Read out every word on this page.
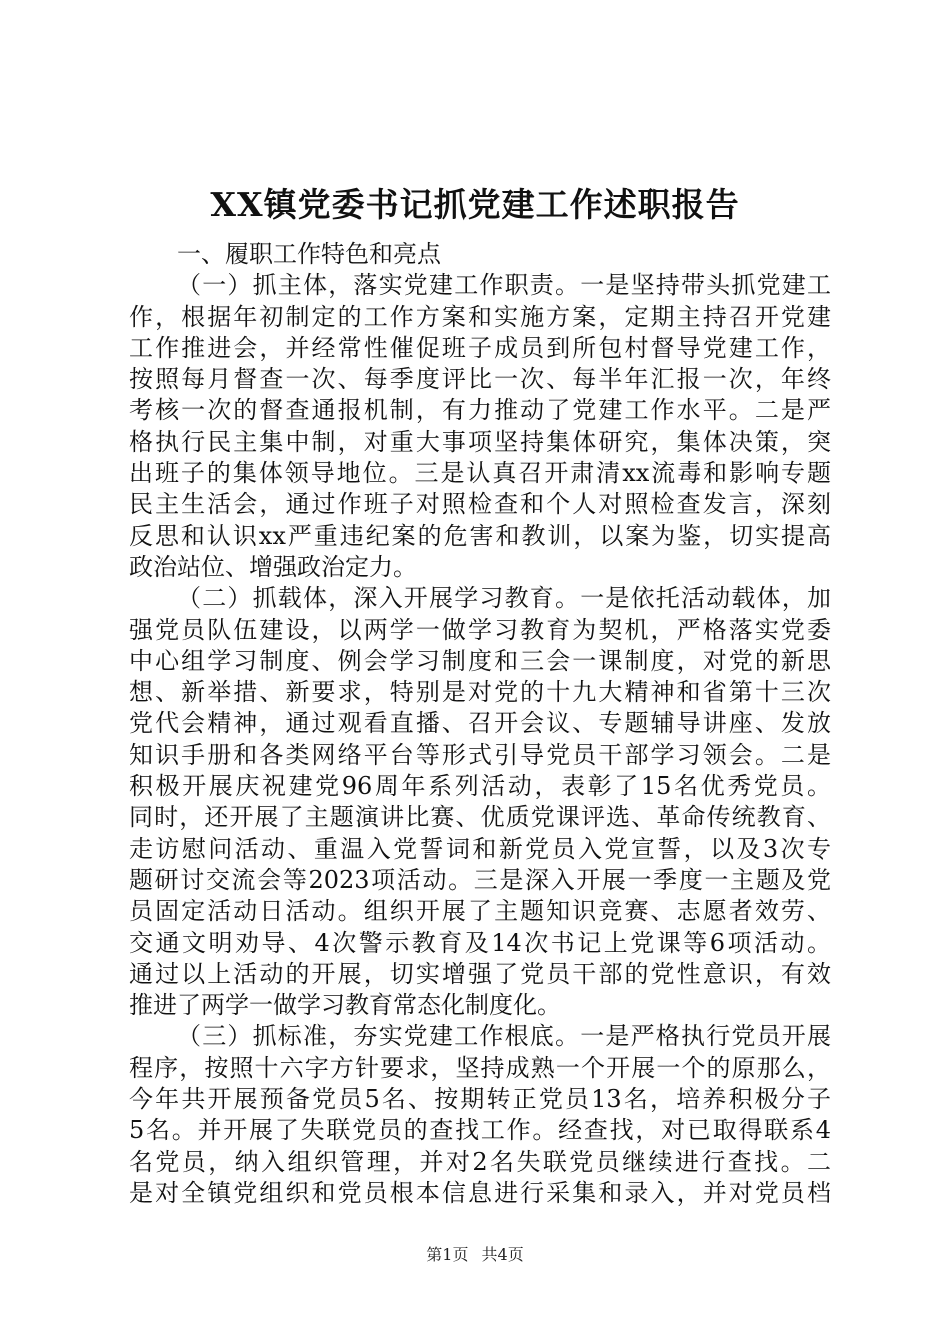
XX镇党委书记抓党建工作述职报告
一、履职工作特色和亮点
（一）抓主体，落实党建工作职责。一是坚持带头抓党建工
作，根据年初制定的工作方案和实施方案，定期主持召开党建
工作推进会，并经常性催促班子成员到所包村督导党建工作，
按照每月督查一次、每季度评比一次、每半年汇报一次，年终
考核一次的督查通报机制，有力推动了党建工作水平。二是严
格执行民主集中制，对重大事项坚持集体研究，集体决策，突
出班子的集体领导地位。三是认真召开肃清xx流毒和影响专题
民主生活会，通过作班子对照检查和个人对照检查发言，深刻
反思和认识xx严重违纪案的危害和教训，以案为鉴，切实提高
政治站位、增强政治定力。
（二）抓载体，深入开展学习教育。一是依托活动载体，加
强党员队伍建设，以两学一做学习教育为契机，严格落实党委
中心组学习制度、例会学习制度和三会一课制度，对党的新思
想、新举措、新要求，特别是对党的十九大精神和省第十三次
党代会精神，通过观看直播、召开会议、专题辅导讲座、发放
知识手册和各类网络平台等形式引导党员干部学习领会。二是
积极开展庆祝建党96周年系列活动，表彰了15名优秀党员。
同时，还开展了主题演讲比赛、优质党课评选、革命传统教育、
走访慰问活动、重温入党誓词和新党员入党宣誓，以及3次专
题研讨交流会等2023项活动。三是深入开展一季度一主题及党
员固定活动日活动。组织开展了主题知识竞赛、志愿者效劳、
交通文明劝导、4次警示教育及14次书记上党课等6项活动。
通过以上活动的开展，切实增强了党员干部的党性意识，有效
推进了两学一做学习教育常态化制度化。
（三）抓标准，夯实党建工作根底。一是严格执行党员开展
程序，按照十六字方针要求，坚持成熟一个开展一个的原那么，
今年共开展预备党员5名、按期转正党员13名，培养积极分子
5名。并开展了失联党员的查找工作。经查找，对已取得联系4
名党员，纳入组织管理，并对2名失联党员继续进行查找。二
是对全镇党组织和党员根本信息进行采集和录入，并对党员档
第1页 共4页
